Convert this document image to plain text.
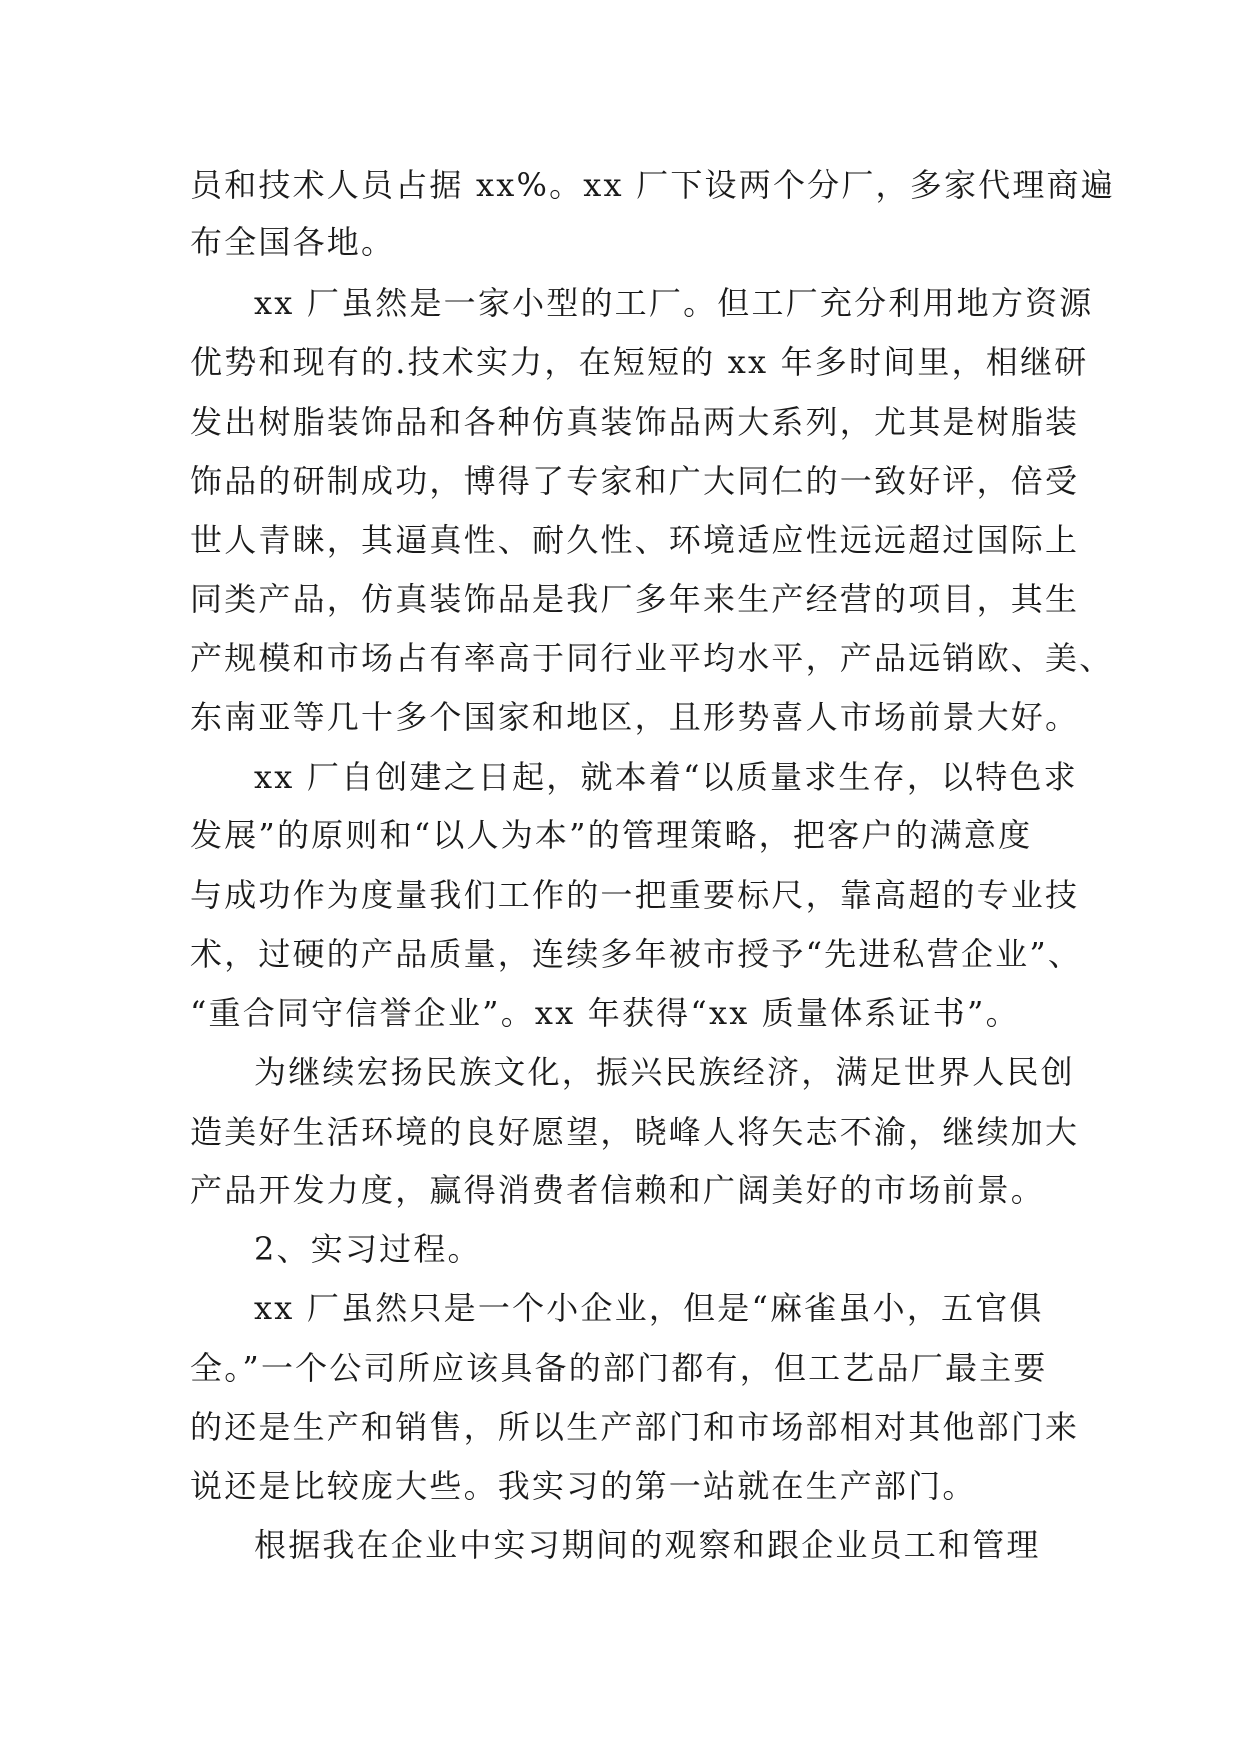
员和技术人员占据 xx%。xx 厂下设两个分厂，多家代理商遍

布全国各地。

xx 厂虽然是一家小型的工厂。但工厂充分利用地方资源

优势和现有的.技术实力，在短短的 xx 年多时间里，相继研

发出树脂装饰品和各种仿真装饰品两大系列，尤其是树脂装

饰品的研制成功，博得了专家和广大同仁的一致好评，倍受

世人青睐，其逼真性、耐久性、环境适应性远远超过国际上

同类产品，仿真装饰品是我厂多年来生产经营的项目，其生

产规模和市场占有率高于同行业平均水平，产品远销欧、美、

东南亚等几十多个国家和地区，且形势喜人市场前景大好。

xx 厂自创建之日起，就本着“以质量求生存，以特色求

发展”的原则和“以人为本”的管理策略，把客户的满意度

与成功作为度量我们工作的一把重要标尺，靠高超的专业技

术，过硬的产品质量，连续多年被市授予“先进私营企业”、

“重合同守信誉企业”。xx 年获得“xx 质量体系证书”。

为继续宏扬民族文化，振兴民族经济，满足世界人民创

造美好生活环境的良好愿望，晓峰人将矢志不渝，继续加大

产品开发力度，赢得消费者信赖和广阔美好的市场前景。

2、实习过程。

xx 厂虽然只是一个小企业，但是“麻雀虽小，五官俱

全。”一个公司所应该具备的部门都有，但工艺品厂最主要

的还是生产和销售，所以生产部门和市场部相对其他部门来

说还是比较庞大些。我实习的第一站就在生产部门。

根据我在企业中实习期间的观察和跟企业员工和管理
